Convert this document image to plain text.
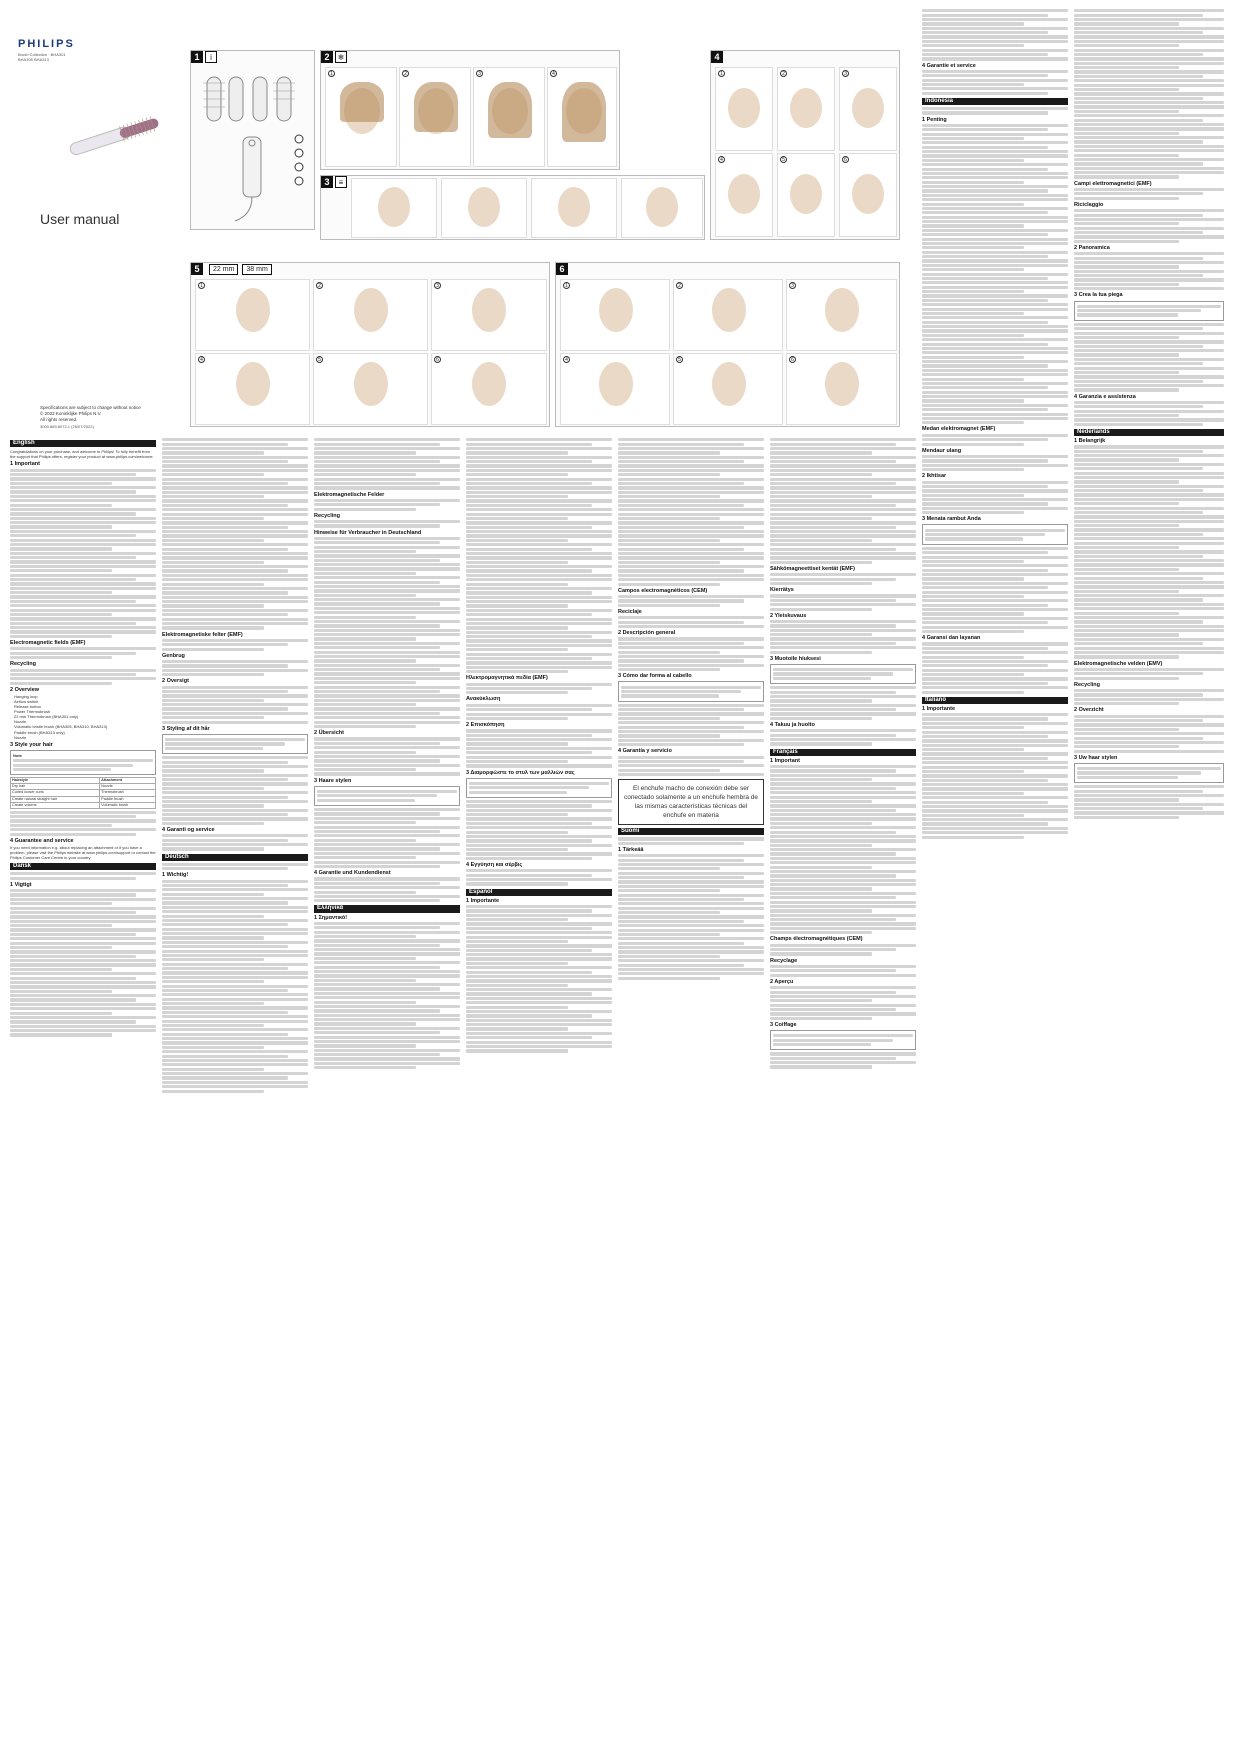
PHILIPS
Brush Collection · BHA301 BHA305 BHA313
User manual
Specifications are subject to change without notice
© 2022 Koninklijke Philips N.V.
All rights reserved.
3000.889.8072.1 (25/07/2022)
1	i	2	❄
1	2	3	4
4
1	2	3
4	5	6
3	≡
5	22 mm	38 mm
1	2	3
4	5	6
6
1	2	3
4	5	6
English

Congratulations on your purchase, and welcome to Philips! To fully benefit from the support that Philips offers, register your product at www.philips.com/welcome.

1 Important
Electromagnetic fields (EMF)
Recycling
2 Overview
Hanging loop
Airflow switch
Release button
Power Thermobrush
22 mm Thermobrush (BHA301 only)
Nozzle
Volumatic bristle brush (BHA305, BHA310, BHA313)
Paddle brush (BHA313 only)
Nozzle
3 Style your hair
Note
Hairstyle	Attachment
Dry hair	Nozzle
Curled looser curls	Thermobrush
Create natural straight hair	Paddle brush
Create volume	Volumatic brush
4 Guarantee and service

If you need information e.g. about replacing an attachment or if you have a problem, please visit the Philips website at www.philips.com/support or contact the Philips Customer Care Centre in your country.

Dansk
1 Vigtigt
Elektromagnetiske felter (EMF)
Genbrug
2 Oversigt
3 Styling af dit hår
4 Garanti og service
Deutsch
1 Wichtig!
Elektromagnetische Felder
Recycling
Hinweise für Verbraucher in Deutschland
2 Übersicht
3 Haare stylen
4 Garantie und Kundendienst
Ελληνικά
1 Σημαντικό!
Ηλεκτρομαγνητικά πεδία (EMF)
Ανακύκλωση
2 Επισκόπηση
3 Διαμορφώστε το στυλ των μαλλιών σας
4 Εγγύηση και σέρβις
Español
1 Importante
Campos electromagnéticos (CEM)
Reciclaje
2 Descripción general
3 Cómo dar forma al cabello
4 Garantía y servicio
El enchufe macho de conexión debe ser conectado solamente a un enchufe hembra de las mismas características técnicas del enchufe en materia
Suomi
1 Tärkeää
Sähkömagneettiset kentät (EMF)
Kierrätys
2 Yleiskuvaus
3 Muotoile hiuksesi
4 Takuu ja huolto
Français
1 Important
Champs électromagnétiques (CEM)
Recyclage
2 Aperçu
3 Coiffage
4 Garantie et service
Indonesia
1 Penting
Medan elektromagnet (EMF)
Mendaur ulang
2 Ikhtisar
3 Menata rambut Anda
4 Garansi dan layanan
Italiano
1 Importante
Campi elettromagnetici (EMF)
Riciclaggio
2 Panoramica
3 Crea la tua piega
4 Garanzia e assistenza
Nederlands
1 Belangrijk
Elektromagnetische velden (EMV)
Recycling
2 Overzicht
3 Uw haar stylen
